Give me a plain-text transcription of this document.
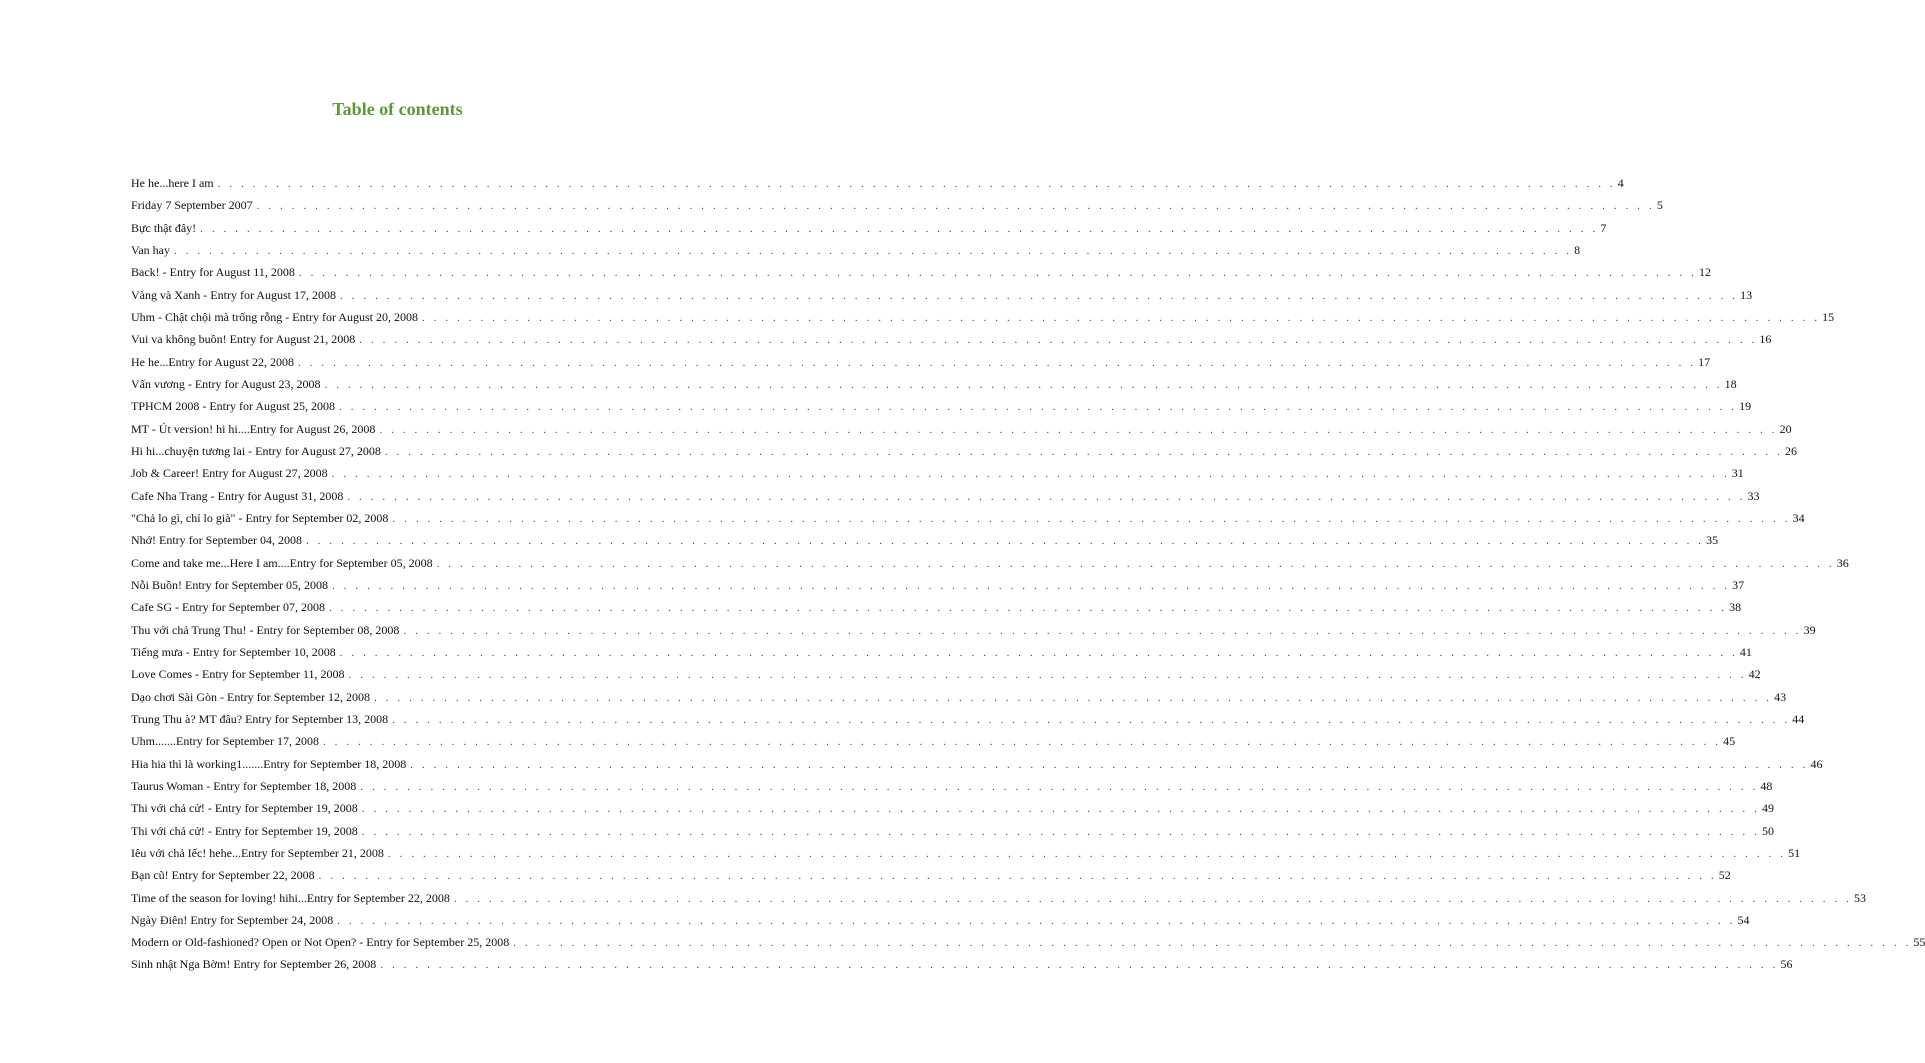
Table of contents
He he...here I am . . . . . . . . . . . . . . . . . . . . . . . . . . . . . . . . . . . . . . . . . . . . . . . . . . . . . . . . . . . . . . . . . . . . . . . . . . . . . . . . . . . . . . . . . . . . . . . . . . . . . . . . . . . . . . . . . . . . . . . . 4
Friday 7 September 2007 . . . . . . . . . . . . . . . . . . . . . . . . . . . . . . . . . . . . . . . . . . . . . . . . . . . . . . . . . . . . . . . . . . . . . . . . . . . . . . . . . . . . . . . . . . . . . . . . . . . . . . . . . . . . . . . . . . . . . . . . 5
Bực thật đây! . . . . . . . . . . . . . . . . . . . . . . . . . . . . . . . . . . . . . . . . . . . . . . . . . . . . . . . . . . . . . . . . . . . . . . . . . . . . . . . . . . . . . . . . . . . . . . . . . . . . . . . . . . . . . . . . . . . . . . . . 7
Van hay . . . . . . . . . . . . . . . . . . . . . . . . . . . . . . . . . . . . . . . . . . . . . . . . . . . . . . . . . . . . . . . . . . . . . . . . . . . . . . . . . . . . . . . . . . . . . . . . . . . . . . . . . . . . . . . . . . . . . . . . 8
Back! - Entry for August 11, 2008 . . . . . . . . . . . . . . . . . . . . . . . . . . . . . . . . . . . . . . . . . . . . . . . . . . . . . . . . . . . . . . . . . . . . . . . . . . . . . . . . . . . . . . . . . . . . . . . . . . . . . . . . . . . . . . . . . . . . . . . . 12
Vàng và Xanh - Entry for August 17, 2008 . . . . . . . . . . . . . . . . . . . . . . . . . . . . . . . . . . . . . . . . . . . . . . . . . . . . . . . . . . . . . . . . . . . . . . . . . . . . . . . . . . . . . . . . . . . . . . . . . . . . . . . . . . . . . . . . . . . . . . . . 13
Uhm - Chật chội mà trống rỗng - Entry for August 20, 2008 . . . . . . . . . . . . . . . . . . . . . . . . . . . . . . . . . . . . . . . . . . . . . . . . . . . . . . . . . . . . . . . . . . . . . . . . . . . . . . . . . . . . . . . . . . . . . . . . . . . . . . . . . . . . . . . . . . . . . . . . 15
Vui va không buồn! Entry for August 21, 2008 . . . . . . . . . . . . . . . . . . . . . . . . . . . . . . . . . . . . . . . . . . . . . . . . . . . . . . . . . . . . . . . . . . . . . . . . . . . . . . . . . . . . . . . . . . . . . . . . . . . . . . . . . . . . . . . . . . . . . . . . 16
He he...Entry for August 22, 2008 . . . . . . . . . . . . . . . . . . . . . . . . . . . . . . . . . . . . . . . . . . . . . . . . . . . . . . . . . . . . . . . . . . . . . . . . . . . . . . . . . . . . . . . . . . . . . . . . . . . . . . . . . . . . . . . . . . . . . . . . 17
Vấn vương - Entry for August 23, 2008 . . . . . . . . . . . . . . . . . . . . . . . . . . . . . . . . . . . . . . . . . . . . . . . . . . . . . . . . . . . . . . . . . . . . . . . . . . . . . . . . . . . . . . . . . . . . . . . . . . . . . . . . . . . . . . . . . . . . . . . . 18
TPHCM 2008 - Entry for August 25, 2008 . . . . . . . . . . . . . . . . . . . . . . . . . . . . . . . . . . . . . . . . . . . . . . . . . . . . . . . . . . . . . . . . . . . . . . . . . . . . . . . . . . . . . . . . . . . . . . . . . . . . . . . . . . . . . . . . . . . . . . . . 19
MT - Út version! hi hi....Entry for August 26, 2008 . . . . . . . . . . . . . . . . . . . . . . . . . . . . . . . . . . . . . . . . . . . . . . . . . . . . . . . . . . . . . . . . . . . . . . . . . . . . . . . . . . . . . . . . . . . . . . . . . . . . . . . . . . . . . . . . . . . . . . . . 20
Hi hi...chuyện tương lai - Entry for August 27, 2008 . . . . . . . . . . . . . . . . . . . . . . . . . . . . . . . . . . . . . . . . . . . . . . . . . . . . . . . . . . . . . . . . . . . . . . . . . . . . . . . . . . . . . . . . . . . . . . . . . . . . . . . . . . . . . . . . . . . . . . . . 26
Job & Career! Entry for August 27, 2008 . . . . . . . . . . . . . . . . . . . . . . . . . . . . . . . . . . . . . . . . . . . . . . . . . . . . . . . . . . . . . . . . . . . . . . . . . . . . . . . . . . . . . . . . . . . . . . . . . . . . . . . . . . . . . . . . . . . . . . . . 31
Cafe Nha Trang - Entry for August 31, 2008 . . . . . . . . . . . . . . . . . . . . . . . . . . . . . . . . . . . . . . . . . . . . . . . . . . . . . . . . . . . . . . . . . . . . . . . . . . . . . . . . . . . . . . . . . . . . . . . . . . . . . . . . . . . . . . . . . . . . . . . . 33
"Chả lo gì, chỉ lo già" - Entry for September 02, 2008 . . . . . . . . . . . . . . . . . . . . . . . . . . . . . . . . . . . . . . . . . . . . . . . . . . . . . . . . . . . . . . . . . . . . . . . . . . . . . . . . . . . . . . . . . . . . . . . . . . . . . . . . . . . . . . . . . . . . . . . . 34
Nhớ! Entry for September 04, 2008 . . . . . . . . . . . . . . . . . . . . . . . . . . . . . . . . . . . . . . . . . . . . . . . . . . . . . . . . . . . . . . . . . . . . . . . . . . . . . . . . . . . . . . . . . . . . . . . . . . . . . . . . . . . . . . . . . . . . . . . . 35
Come and take me...Here I am....Entry for September 05, 2008 . . . . . . . . . . . . . . . . . . . . . . . . . . . . . . . . . . . . . . . . . . . . . . . . . . . . . . . . . . . . . . . . . . . . . . . . . . . . . . . . . . . . . . . . . . . . . . . . . . . . . . . . . . . . . . . . . . . . . . . . 36
Nỗi Buồn! Entry for September 05, 2008 . . . . . . . . . . . . . . . . . . . . . . . . . . . . . . . . . . . . . . . . . . . . . . . . . . . . . . . . . . . . . . . . . . . . . . . . . . . . . . . . . . . . . . . . . . . . . . . . . . . . . . . . . . . . . . . . . . . . . . . . 37
Cafe SG - Entry for September 07, 2008 . . . . . . . . . . . . . . . . . . . . . . . . . . . . . . . . . . . . . . . . . . . . . . . . . . . . . . . . . . . . . . . . . . . . . . . . . . . . . . . . . . . . . . . . . . . . . . . . . . . . . . . . . . . . . . . . . . . . . . . . 38
Thu với chả Trung Thu! - Entry for September 08, 2008 . . . . . . . . . . . . . . . . . . . . . . . . . . . . . . . . . . . . . . . . . . . . . . . . . . . . . . . . . . . . . . . . . . . . . . . . . . . . . . . . . . . . . . . . . . . . . . . . . . . . . . . . . . . . . . . . . . . . . . . . 39
Tiếng mưa - Entry for September 10, 2008 . . . . . . . . . . . . . . . . . . . . . . . . . . . . . . . . . . . . . . . . . . . . . . . . . . . . . . . . . . . . . . . . . . . . . . . . . . . . . . . . . . . . . . . . . . . . . . . . . . . . . . . . . . . . . . . . . . . . . . . . 41
Love Comes - Entry for September 11, 2008 . . . . . . . . . . . . . . . . . . . . . . . . . . . . . . . . . . . . . . . . . . . . . . . . . . . . . . . . . . . . . . . . . . . . . . . . . . . . . . . . . . . . . . . . . . . . . . . . . . . . . . . . . . . . . . . . . . . . . . . . 42
Dạo chơi Sài Gòn - Entry for September 12, 2008 . . . . . . . . . . . . . . . . . . . . . . . . . . . . . . . . . . . . . . . . . . . . . . . . . . . . . . . . . . . . . . . . . . . . . . . . . . . . . . . . . . . . . . . . . . . . . . . . . . . . . . . . . . . . . . . . . . . . . . . . 43
Trung Thu à? MT đâu? Entry for September 13, 2008 . . . . . . . . . . . . . . . . . . . . . . . . . . . . . . . . . . . . . . . . . . . . . . . . . . . . . . . . . . . . . . . . . . . . . . . . . . . . . . . . . . . . . . . . . . . . . . . . . . . . . . . . . . . . . . . . . . . . . . . . 44
Uhm.......Entry for September 17, 2008 . . . . . . . . . . . . . . . . . . . . . . . . . . . . . . . . . . . . . . . . . . . . . . . . . . . . . . . . . . . . . . . . . . . . . . . . . . . . . . . . . . . . . . . . . . . . . . . . . . . . . . . . . . . . . . . . . . . . . . . . 45
Hia hia thì là working1.......Entry for September 18, 2008 . . . . . . . . . . . . . . . . . . . . . . . . . . . . . . . . . . . . . . . . . . . . . . . . . . . . . . . . . . . . . . . . . . . . . . . . . . . . . . . . . . . . . . . . . . . . . . . . . . . . . . . . . . . . . . . . . . . . . . . . 46
Taurus Woman - Entry for September 18, 2008 . . . . . . . . . . . . . . . . . . . . . . . . . . . . . . . . . . . . . . . . . . . . . . . . . . . . . . . . . . . . . . . . . . . . . . . . . . . . . . . . . . . . . . . . . . . . . . . . . . . . . . . . . . . . . . . . . . . . . . . . 48
Thi với chả cử! - Entry for September 19, 2008 . . . . . . . . . . . . . . . . . . . . . . . . . . . . . . . . . . . . . . . . . . . . . . . . . . . . . . . . . . . . . . . . . . . . . . . . . . . . . . . . . . . . . . . . . . . . . . . . . . . . . . . . . . . . . . . . . . . . . . . . 49
Thi với chả cử! - Entry for September 19, 2008 . . . . . . . . . . . . . . . . . . . . . . . . . . . . . . . . . . . . . . . . . . . . . . . . . . . . . . . . . . . . . . . . . . . . . . . . . . . . . . . . . . . . . . . . . . . . . . . . . . . . . . . . . . . . . . . . . . . . . . . . 50
Iêu với chả Iếc! hehe...Entry for September 21, 2008 . . . . . . . . . . . . . . . . . . . . . . . . . . . . . . . . . . . . . . . . . . . . . . . . . . . . . . . . . . . . . . . . . . . . . . . . . . . . . . . . . . . . . . . . . . . . . . . . . . . . . . . . . . . . . . . . . . . . . . . . 51
Bạn cũ! Entry for September 22, 2008 . . . . . . . . . . . . . . . . . . . . . . . . . . . . . . . . . . . . . . . . . . . . . . . . . . . . . . . . . . . . . . . . . . . . . . . . . . . . . . . . . . . . . . . . . . . . . . . . . . . . . . . . . . . . . . . . . . . . . . . . 52
Time of the season for loving! hihi...Entry for September 22, 2008 . . . . . . . . . . . . . . . . . . . . . . . . . . . . . . . . . . . . . . . . . . . . . . . . . . . . . . . . . . . . . . . . . . . . . . . . . . . . . . . . . . . . . . . . . . . . . . . . . . . . . . . . . . . . . . . . . . . . . . . . 53
Ngày Điên! Entry for September 24, 2008 . . . . . . . . . . . . . . . . . . . . . . . . . . . . . . . . . . . . . . . . . . . . . . . . . . . . . . . . . . . . . . . . . . . . . . . . . . . . . . . . . . . . . . . . . . . . . . . . . . . . . . . . . . . . . . . . . . . . . . . . 54
Modern or Old-fashioned? Open or Not Open? - Entry for September 25, 2008 . . . . . . . . . . . . . . . . . . . . . . . . . . . . . . . . . . . . . . . . . . . . . . . . . . . . . . . . . . . . . . . . . . . . . . . . . . . . . . . . . . . . . . . . . . . . . . . . . . . . . . . . . . . . . . . . . . . . . . . . 55
Sinh nhật Nga Bờm! Entry for September 26, 2008 . . . . . . . . . . . . . . . . . . . . . . . . . . . . . . . . . . . . . . . . . . . . . . . . . . . . . . . . . . . . . . . . . . . . . . . . . . . . . . . . . . . . . . . . . . . . . . . . . . . . . . . . . . . . . . . . . . . . . . . . 56
